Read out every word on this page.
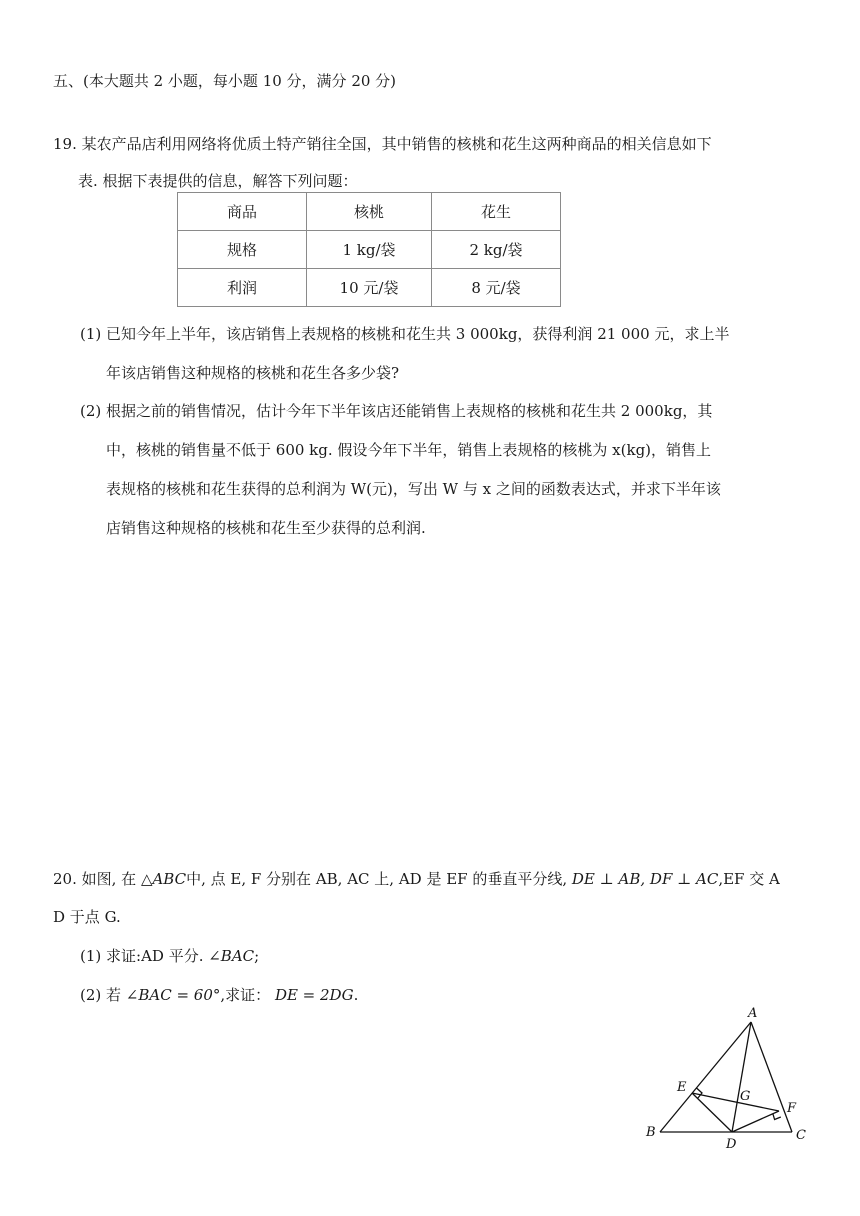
五、(本大题共 2 小题，每小题 10 分，满分 20 分)
19. 某农产品店利用网络将优质土特产销往全国，其中销售的核桃和花生这两种商品的相关信息如下
表. 根据下表提供的信息，解答下列问题：
商品	核桃	花生
规格	1 kg/袋	2 kg/袋
利润	10 元/袋	8 元/袋
(1) 已知今年上半年，该店销售上表规格的核桃和花生共 3 000kg，获得利润 21 000 元，求上半
年该店销售这种规格的核桃和花生各多少袋?
(2) 根据之前的销售情况，估计今年下半年该店还能销售上表规格的核桃和花生共 2 000kg，其
中，核桃的销售量不低于 600 kg. 假设今年下半年，销售上表规格的核桃为 x(kg)，销售上
表规格的核桃和花生获得的总利润为 W(元)，写出 W 与 x 之间的函数表达式，并求下半年该
店销售这种规格的核桃和花生至少获得的总利润.
20. 如图, 在 △ABC中, 点 E, F 分别在 AB, AC 上, AD 是 EF 的垂直平分线, DE ⊥ AB, DF ⊥ AC,EF 交 A
D 于点 G.
(1) 求证:AD 平分. ∠BAC;
(2) 若 ∠BAC = 60°,求证： DE = 2DG.
A
B	C
D
E
F
G
